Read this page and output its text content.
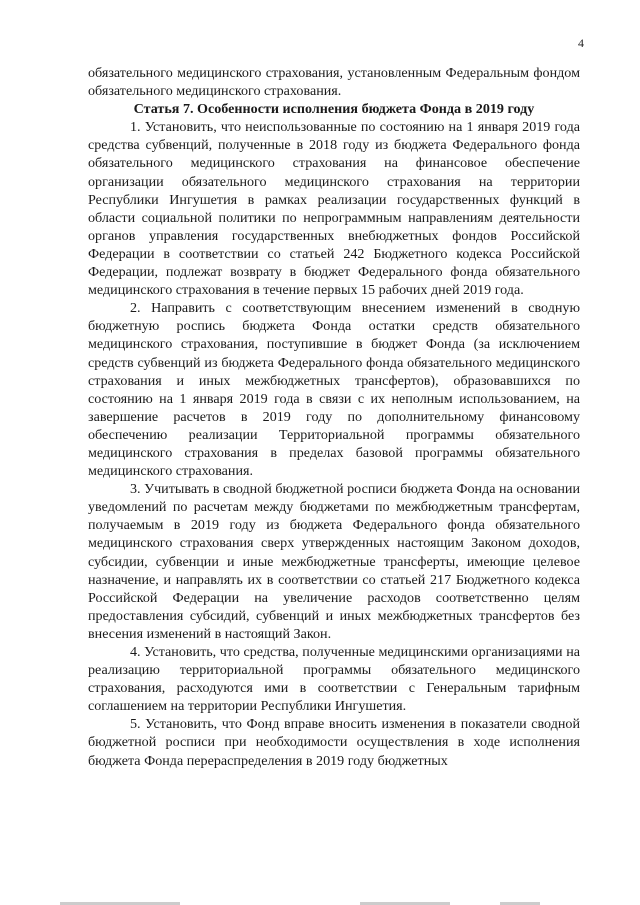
4

обязательного медицинского страхования, установленным Федеральным фондом обязательного медицинского страхования.

Статья 7. Особенности исполнения бюджета Фонда в 2019 году

1. Установить, что неиспользованные по состоянию на 1 января 2019 года средства субвенций, полученные в 2018 году из бюджета Федерального фонда обязательного медицинского страхования на финансовое обеспечение организации обязательного медицинского страхования на территории Республики Ингушетия в рамках реализации государственных функций в области социальной политики по непрограммным направлениям деятельности органов управления государственных внебюджетных фондов Российской Федерации в соответствии со статьей 242 Бюджетного кодекса Российской Федерации, подлежат возврату в бюджет Федерального фонда обязательного медицинского страхования в течение первых 15 рабочих дней 2019 года.

2. Направить с соответствующим внесением изменений в сводную бюджетную роспись бюджета Фонда остатки средств обязательного медицинского страхования, поступившие в бюджет Фонда (за исключением средств субвенций из бюджета Федерального фонда обязательного медицинского страхования и иных межбюджетных трансфертов), образовавшихся по состоянию на 1 января 2019 года в связи с их неполным использованием, на завершение расчетов в 2019 году по дополнительному финансовому обеспечению реализации Территориальной программы обязательного медицинского страхования в пределах базовой программы обязательного медицинского страхования.

3. Учитывать в сводной бюджетной росписи бюджета Фонда на основании уведомлений по расчетам между бюджетами по межбюджетным трансфертам, получаемым в 2019 году из бюджета Федерального фонда обязательного медицинского страхования сверх утвержденных настоящим Законом доходов, субсидии, субвенции и иные межбюджетные трансферты, имеющие целевое назначение, и направлять их в соответствии со статьей 217 Бюджетного кодекса Российской Федерации на увеличение расходов соответственно целям предоставления субсидий, субвенций и иных межбюджетных трансфертов без внесения изменений в настоящий Закон.

4. Установить, что средства, полученные медицинскими организациями на реализацию территориальной программы обязательного медицинского страхования, расходуются ими в соответствии с Генеральным тарифным соглашением на территории Республики Ингушетия.

5. Установить, что Фонд вправе вносить изменения в показатели сводной бюджетной росписи при необходимости осуществления в ходе исполнения бюджета Фонда перераспределения в 2019 году бюджетных
